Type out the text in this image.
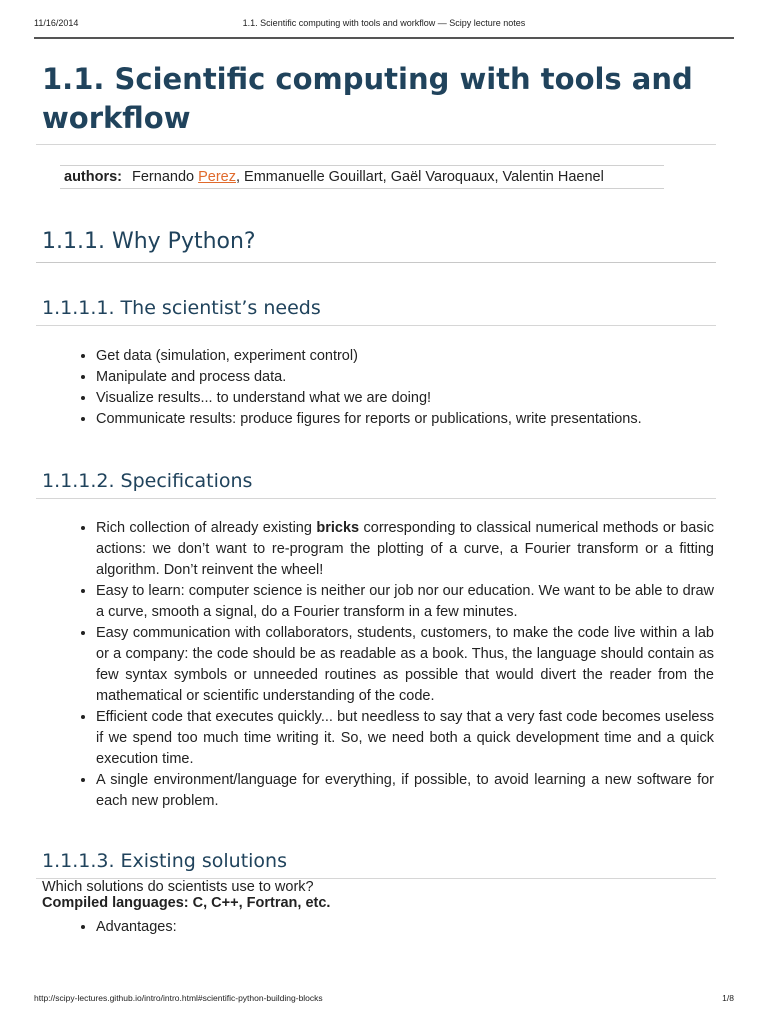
11/16/2014	1.1. Scientific computing with tools and workflow — Scipy lecture notes
1.1. Scientific computing with tools and workflow
authors: Fernando Perez, Emmanuelle Gouillart, Gaël Varoquaux, Valentin Haenel
1.1.1. Why Python?
1.1.1.1. The scientist’s needs
• Get data (simulation, experiment control)
• Manipulate and process data.
• Visualize results... to understand what we are doing!
• Communicate results: produce figures for reports or publications, write presentations.
1.1.1.2. Specifications
• Rich collection of already existing bricks corresponding to classical numerical methods or basic actions: we don’t want to re-program the plotting of a curve, a Fourier transform or a fitting algorithm. Don’t reinvent the wheel!
• Easy to learn: computer science is neither our job nor our education. We want to be able to draw a curve, smooth a signal, do a Fourier transform in a few minutes.
• Easy communication with collaborators, students, customers, to make the code live within a lab or a company: the code should be as readable as a book. Thus, the language should contain as few syntax symbols or unneeded routines as possible that would divert the reader from the mathematical or scientific understanding of the code.
• Efficient code that executes quickly... but needless to say that a very fast code becomes useless if we spend too much time writing it. So, we need both a quick development time and a quick execution time.
• A single environment/language for everything, if possible, to avoid learning a new software for each new problem.
1.1.1.3. Existing solutions

Which solutions do scientists use to work?

Compiled languages: C, C++, Fortran, etc.

• Advantages:
http://scipy-lectures.github.io/intro/intro.html#scientific-python-building-blocks	1/8
